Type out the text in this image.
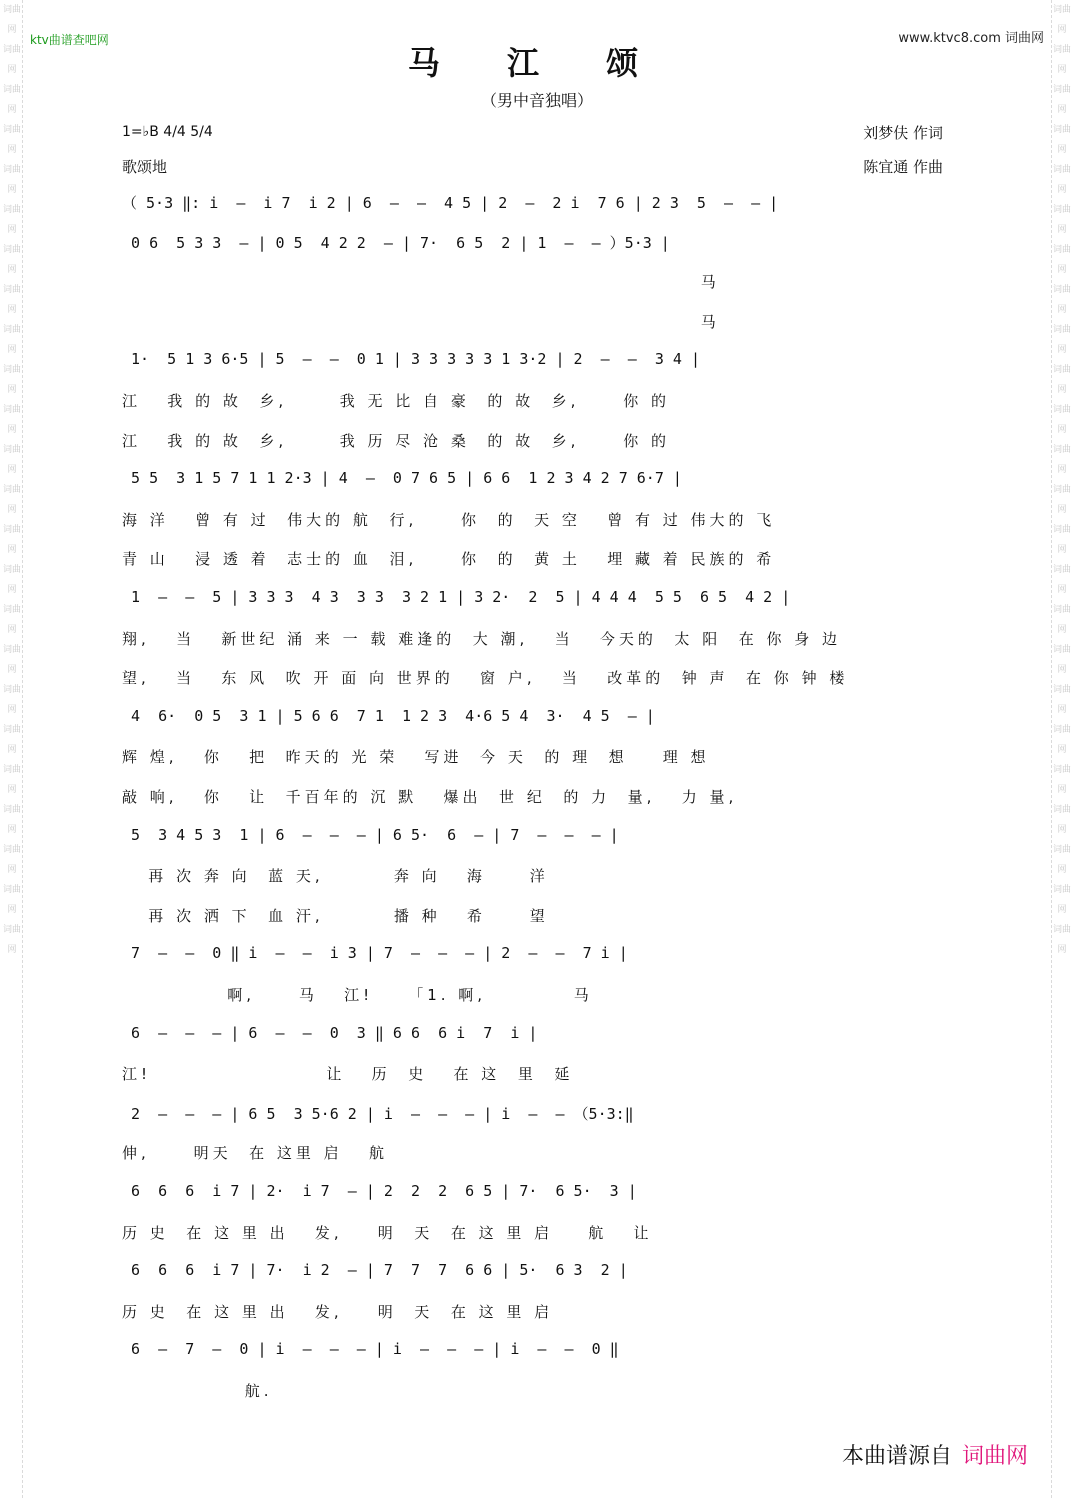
词曲网
词曲网
词曲网
词曲网
词曲网
词曲网
词曲网
词曲网
词曲网
词曲网
词曲网
词曲网
词曲网
词曲网
词曲网
词曲网
词曲网
词曲网
词曲网
词曲网
词曲网
词曲网
词曲网
词曲网
词曲网
词曲网
词曲网
词曲网
词曲网
词曲网
词曲网
词曲网
词曲网
词曲网
词曲网
词曲网
词曲网
词曲网
词曲网
词曲网
词曲网
词曲网
词曲网
词曲网
词曲网
词曲网
词曲网
词曲网
ktv曲谱查吧网	www.ktvc8.com 词曲网
马 江 颂
（男中音独唱）
1=♭B 4/4 5/4
歌颂地
刘梦伕 作词
陈宜通 作曲
（ 5·3 ‖: i  —  i 7  i 2 | 6  —  —  4 5 | 2  —  2 i  7 6 | 2 3  5  —  — |
0 6  5 3 3  — | 0 5  4 2 2  — | 7·  6 5  2 | 1  —  — ）5·3 |
马
马
1·  5 1 3 6·5 | 5  —  —  0 1 | 3 3 3 3 3 1 3·2 | 2  —  —  3 4 |
江   我 的 故  乡,      我 无 比 自 豪  的 故  乡,     你 的
江   我 的 故  乡,      我 历 尽 沧 桑  的 故  乡,     你 的
5 5  3 1 5 7 1 1 2·3 | 4  —  0 7 6 5 | 6 6  1 2 3 4 2 7 6·7 |
海 洋   曾 有 过  伟大的 航  行,     你  的  天 空   曾 有 过 伟大的 飞
青 山   浸 透 着  志士的 血  泪,     你  的  黄 土   埋 藏 着 民族的 希
1  —  —  5 | 3 3 3  4 3  3 3  3 2 1 | 3 2·  2  5 | 4 4 4  5 5  6 5  4 2 |
翔,   当   新世纪 涌 来 一 载 难逢的  大 潮,   当   今天的  太 阳  在 你 身 边
望,   当   东 风  吹 开 面 向 世界的   窗 户,   当   改革的  钟 声  在 你 钟 楼
4  6·  0 5  3 1 | 5 6 6  7 1  1 2 3  4·6 5 4  3·  4 5  — |
辉 煌,   你   把  昨天的 光 荣   写进  今 天  的 理  想    理 想
敲 响,   你   让  千百年的 沉 默   爆出  世 纪  的 力  量,   力 量,
5  3 4 5 3  1 | 6  —  —  — | 6 5·  6  — | 7  —  —  — |
再 次 奔 向  蓝 天,        奔 向   海     洋
再 次 洒 下  血 汗,        播 种   希     望
7  —  —  0 ‖ i  —  —  i 3 | 7  —  —  — | 2  —  —  7 i |
啊,     马   江!    「1. 啊,          马
6  —  —  — | 6  —  —  0  3 ‖ 6 6  6 i  7  i |
江!                    让   历  史   在 这  里  延
2  —  —  — | 6 5  3 5·6 2 | i  —  —  — | i  —  — （5·3:‖
伸,     明天  在 这里 启   航
6  6  6  i 7 | 2·  i 7  — | 2  2  2  6 5 | 7·  6 5·  3 |
历 史  在 这 里 出   发,    明  天  在 这 里 启    航   让
6  6  6  i 7 | 7·  i 2  — | 7  7  7  6 6 | 5·  6 3  2 |
历 史  在 这 里 出   发,    明  天  在 这 里 启
6  —  7  —  0 | i  —  —  — | i  —  —  — | i  —  —  0 ‖
航.
本曲谱源自 词曲网
